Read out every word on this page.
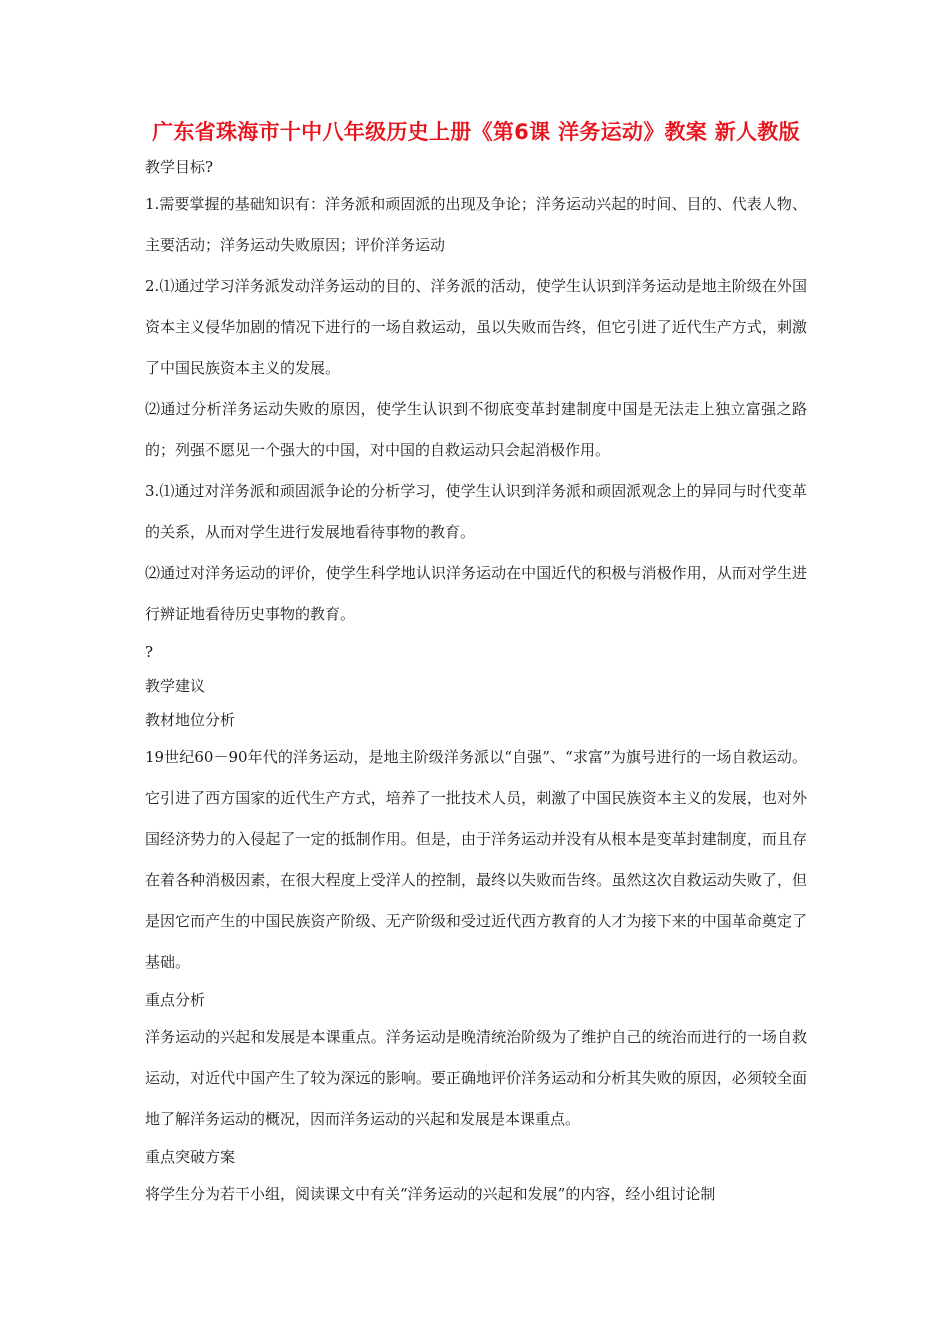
广东省珠海市十中八年级历史上册《第6课 洋务运动》教案 新人教版
教学目标?
1.需要掌握的基础知识有：洋务派和顽固派的出现及争论；洋务运动兴起的时间、目的、代表人物、主要活动；洋务运动失败原因；评价洋务运动
2.⑴通过学习洋务派发动洋务运动的目的、洋务派的活动，使学生认识到洋务运动是地主阶级在外国资本主义侵华加剧的情况下进行的一场自救运动，虽以失败而告终，但它引进了近代生产方式，刺激了中国民族资本主义的发展。
⑵通过分析洋务运动失败的原因，使学生认识到不彻底变革封建制度中国是无法走上独立富强之路的；列强不愿见一个强大的中国，对中国的自救运动只会起消极作用。
3.⑴通过对洋务派和顽固派争论的分析学习，使学生认识到洋务派和顽固派观念上的异同与时代变革的关系，从而对学生进行发展地看待事物的教育。
⑵通过对洋务运动的评价，使学生科学地认识洋务运动在中国近代的积极与消极作用，从而对学生进行辨证地看待历史事物的教育。
?
教学建议
教材地位分析
19世纪60－90年代的洋务运动，是地主阶级洋务派以“自强”、“求富”为旗号进行的一场自救运动。它引进了西方国家的近代生产方式，培养了一批技术人员，刺激了中国民族资本主义的发展，也对外国经济势力的入侵起了一定的抵制作用。但是，由于洋务运动并没有从根本是变革封建制度，而且存在着各种消极因素，在很大程度上受洋人的控制，最终以失败而告终。虽然这次自救运动失败了，但是因它而产生的中国民族资产阶级、无产阶级和受过近代西方教育的人才为接下来的中国革命奠定了基础。
重点分析
洋务运动的兴起和发展是本课重点。洋务运动是晚清统治阶级为了维护自己的统治而进行的一场自救运动，对近代中国产生了较为深远的影响。要正确地评价洋务运动和分析其失败的原因，必须较全面地了解洋务运动的概况，因而洋务运动的兴起和发展是本课重点。
重点突破方案
将学生分为若干小组，阅读课文中有关“洋务运动的兴起和发展”的内容，经小组讨论制
